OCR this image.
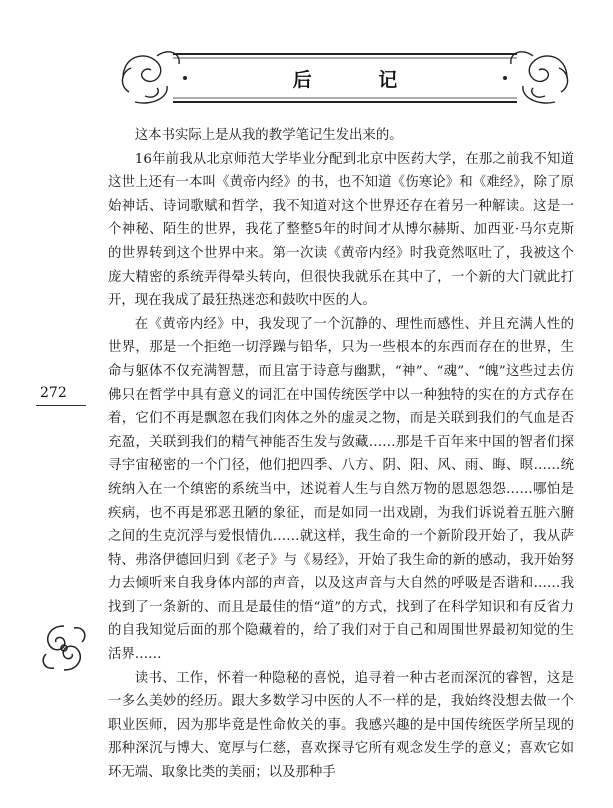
后 记
272

这本书实际上是从我的教学笔记生发出来的。

16年前我从北京师范大学毕业分配到北京中医药大学，在那之前我不知道这世上还有一本叫《黄帝内经》的书，也不知道《伤寒论》和《难经》，除了原始神话、诗词歌赋和哲学，我不知道对这个世界还存在着另一种解读。这是一个神秘、陌生的世界，我花了整整5年的时间才从博尔赫斯、加西亚·马尔克斯的世界转到这个世界中来。第一次读《黄帝内经》时我竟然呕吐了，我被这个庞大精密的系统弄得晕头转向，但很快我就乐在其中了，一个新的大门就此打开，现在我成了最狂热迷恋和鼓吹中医的人。

在《黄帝内经》中，我发现了一个沉静的、理性而感性、并且充满人性的世界，那是一个拒绝一切浮躁与铅华，只为一些根本的东西而存在的世界，生命与躯体不仅充满智慧，而且富于诗意与幽默，“神”、“魂”、“魄”这些过去仿佛只在哲学中具有意义的词汇在中国传统医学中以一种独特的实在的方式存在着，它们不再是飘忽在我们肉体之外的虚灵之物，而是关联到我们的气血是否充盈，关联到我们的精气神能否生发与敛藏……那是千百年来中国的智者们探寻宇宙秘密的一个门径，他们把四季、八方、阴、阳、风、雨、晦、暝……统统纳入在一个缜密的系统当中，述说着人生与自然万物的恩恩怨怨……哪怕是疾病，也不再是邪恶丑陋的象征，而是如同一出戏剧，为我们诉说着五脏六腑之间的生克沉浮与爱恨情仇……就这样，我生命的一个新阶段开始了，我从萨特、弗洛伊德回归到《老子》与《易经》，开始了我生命的新的感动，我开始努力去倾听来自我身体内部的声音，以及这声音与大自然的呼吸是否谐和……我找到了一条新的、而且是最佳的悟“道”的方式，找到了在科学知识和有反省力的自我知觉后面的那个隐藏着的，给了我们对于自己和周围世界最初知觉的生活界……

读书、工作，怀着一种隐秘的喜悦，追寻着一种古老而深沉的睿智，这是一多么美妙的经历。跟大多数学习中医的人不一样的是，我始终没想去做一个职业医师，因为那毕竟是性命攸关的事。我感兴趣的是中国传统医学所呈现的那种深沉与博大、宽厚与仁慈，喜欢探寻它所有观念发生学的意义；喜欢它如环无端、取象比类的美丽；以及那种手
